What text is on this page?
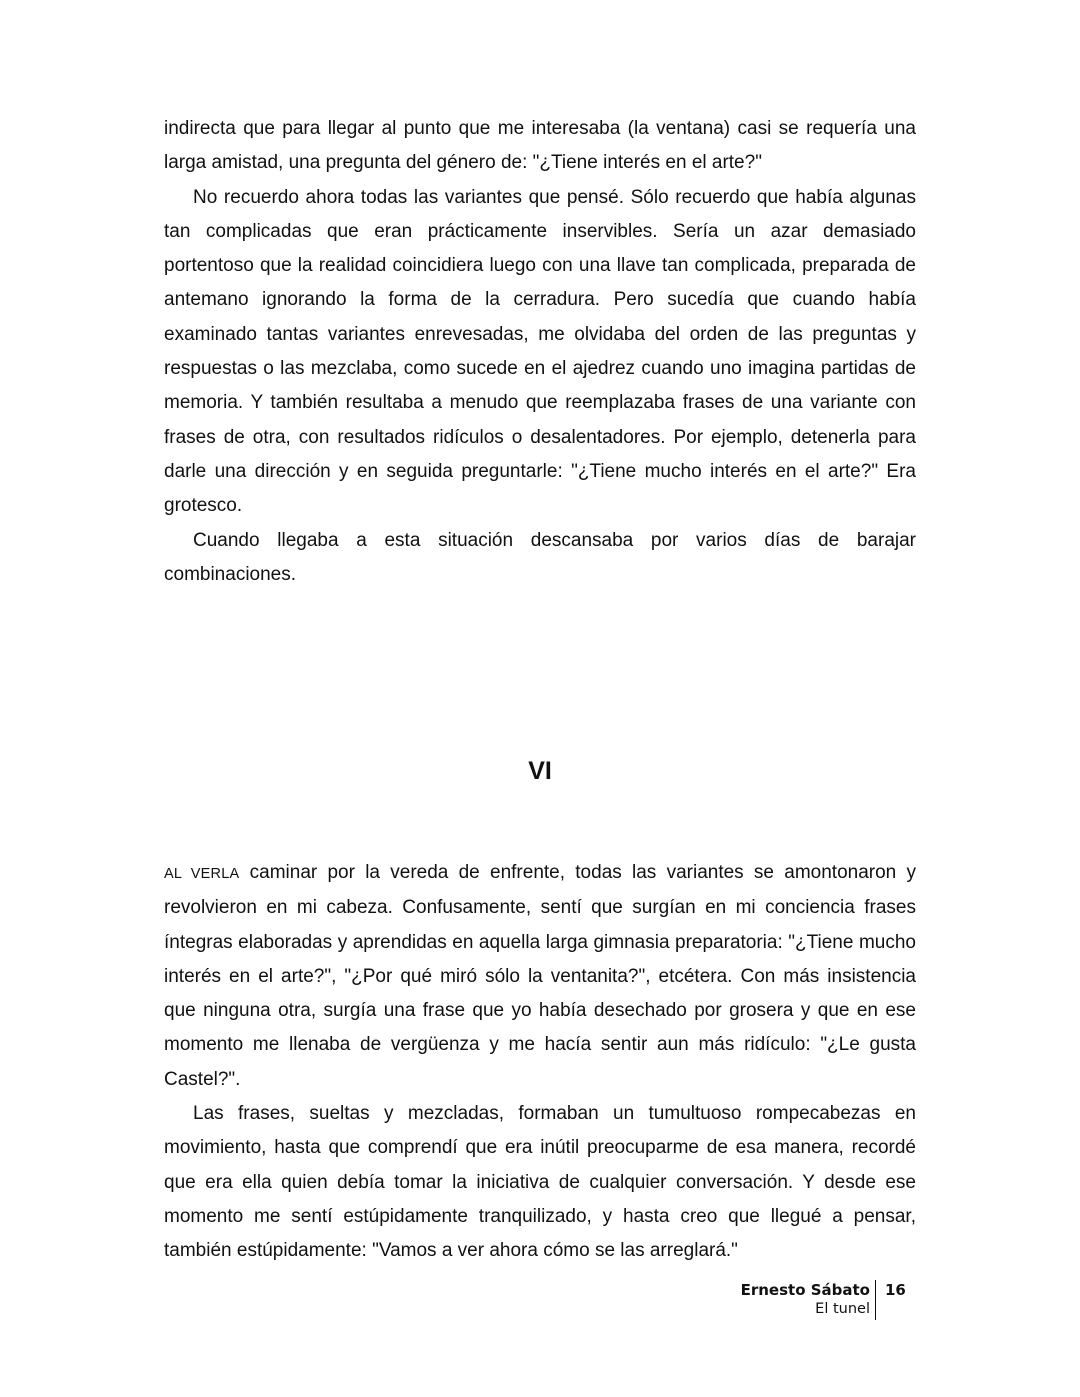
indirecta que para llegar al punto que me interesaba (la ventana) casi se requería una larga amistad, una pregunta del género de: "¿Tiene interés en el arte?"

No recuerdo ahora todas las variantes que pensé. Sólo recuerdo que había algunas tan complicadas que eran prácticamente inservibles. Sería un azar demasiado portentoso que la realidad coincidiera luego con una llave tan complicada, preparada de antemano ignorando la forma de la cerradura. Pero sucedía que cuando había examinado tantas variantes enrevesadas, me olvidaba del orden de las preguntas y respuestas o las mezclaba, como sucede en el ajedrez cuando uno imagina partidas de memoria. Y también resultaba a menudo que reemplazaba frases de una variante con frases de otra, con resultados ridículos o desalentadores. Por ejemplo, detenerla para darle una dirección y en seguida preguntarle: "¿Tiene mucho interés en el arte?" Era grotesco.

Cuando llegaba a esta situación descansaba por varios días de barajar combinaciones.

VI

AL VERLA caminar por la vereda de enfrente, todas las variantes se amontonaron y revolvieron en mi cabeza. Confusamente, sentí que surgían en mi conciencia frases íntegras elaboradas y aprendidas en aquella larga gimnasia preparatoria: "¿Tiene mucho interés en el arte?", "¿Por qué miró sólo la ventanita?", etcétera. Con más insistencia que ninguna otra, surgía una frase que yo había desechado por grosera y que en ese momento me llenaba de vergüenza y me hacía sentir aun más ridículo: "¿Le gusta Castel?".

Las frases, sueltas y mezcladas, formaban un tumultuoso rompecabezas en movimiento, hasta que comprendí que era inútil preocuparme de esa manera, recordé que era ella quien debía tomar la iniciativa de cualquier conversación. Y desde ese momento me sentí estúpidamente tranquilizado, y hasta creo que llegué a pensar, también estúpidamente: "Vamos a ver ahora cómo se las arreglará."

Ernesto Sábato
El tunel
16
